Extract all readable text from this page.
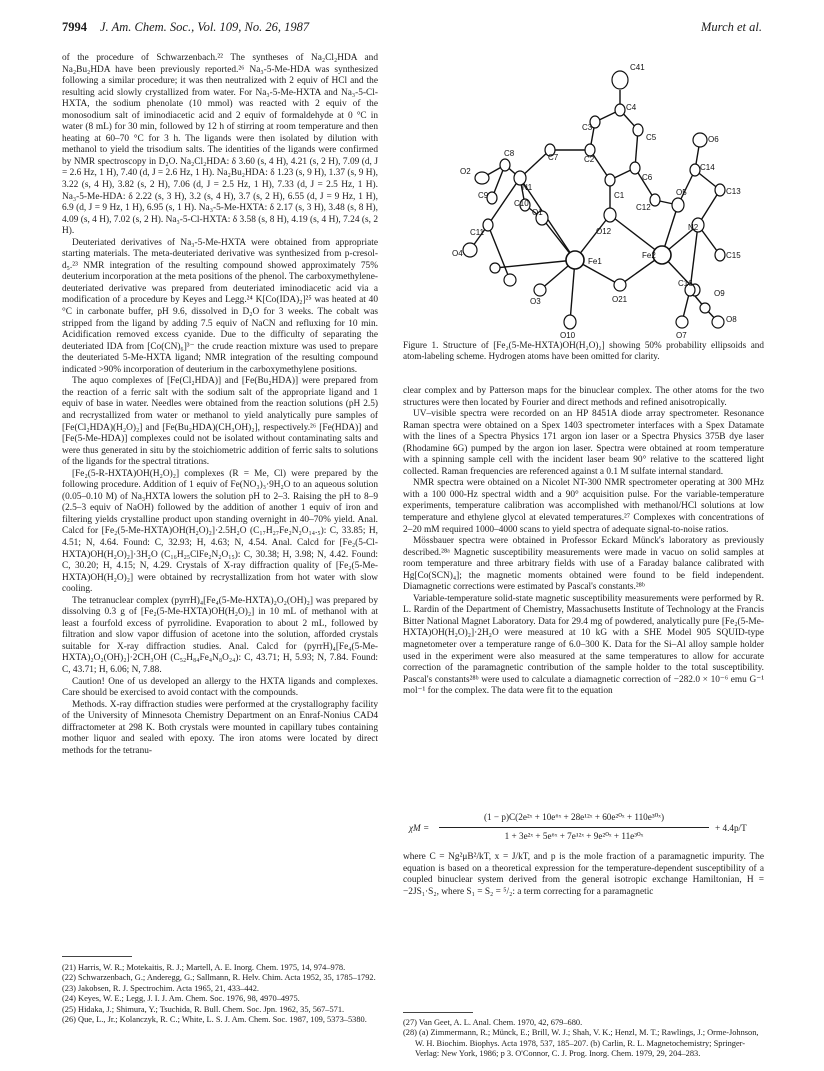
7994 J. Am. Chem. Soc., Vol. 109, No. 26, 1987	Murch et al.

of the procedure of Schwarzenbach.²² The syntheses of Na₂Cl₂HDA and Na₂Bu₂HDA have been previously reported.²⁶ Na₃-5-Me-HDA was synthesized following a similar procedure; it was then neutralized with 2 equiv of HCl and the resulting acid slowly crystallized from water. For Na₃-5-Me-HXTA and Na₃-5-Cl-HXTA, the sodium phenolate (10 mmol) was reacted with 2 equiv of the monosodium salt of iminodiacetic acid and 2 equiv of formaldehyde at 0 °C in water (8 mL) for 30 min, followed by 12 h of stirring at room temperature and then heating at 60–70 °C for 3 h. The ligands were then isolated by dilution with methanol to yield the trisodium salts. The identities of the ligands were confirmed by NMR spectroscopy in D₂O. Na₂Cl₂HDA: δ 3.60 (s, 4 H), 4.21 (s, 2 H), 7.09 (d, J = 2.6 Hz, 1 H), 7.40 (d, J = 2.6 Hz, 1 H). Na₂Bu₂HDA: δ 1.23 (s, 9 H), 1.37 (s, 9 H), 3.22 (s, 4 H), 3.82 (s, 2 H), 7.06 (d, J = 2.5 Hz, 1 H), 7.33 (d, J = 2.5 Hz, 1 H). Na₃-5-Me-HDA: δ 2.22 (s, 3 H), 3.2 (s, 4 H), 3.7 (s, 2 H), 6.55 (d, J = 9 Hz, 1 H), 6.9 (d, J = 9 Hz, 1 H), 6.95 (s, 1 H). Na₃-5-Me-HXTA: δ 2.17 (s, 3 H), 3.48 (s, 8 H), 4.09 (s, 4 H), 7.02 (s, 2 H). Na₃-5-Cl-HXTA: δ 3.58 (s, 8 H), 4.19 (s, 4 H), 7.24 (s, 2 H).

Deuteriated derivatives of Na₃-5-Me-HXTA were obtained from appropriate starting materials. The meta-deuteriated derivative was synthesized from p-cresol-d₅.²³ NMR integration of the resulting compound showed approximately 75% deuterium incorporation at the meta positions of the phenol. The carboxymethylene-deuteriated derivative was prepared from deuteriated iminodiacetic acid via a modification of a procedure by Keyes and Legg.²⁴ K[Co(IDA)₂]²⁵ was heated at 40 °C in carbonate buffer, pH 9.6, dissolved in D₂O for 3 weeks. The cobalt was stripped from the ligand by adding 7.5 equiv of NaCN and refluxing for 10 min. Acidification removed excess cyanide. Due to the difficulty of separating the deuteriated IDA from [Co(CN)₆]³⁻ the crude reaction mixture was used to prepare the deuteriated 5-Me-HXTA ligand; NMR integration of the resulting compound indicated >90% incorporation of deuterium in the carboxymethylene positions.

The aquo complexes of [Fe(Cl₂HDA)] and [Fe(Bu₂HDA)] were prepared from the reaction of a ferric salt with the sodium salt of the appropriate ligand and 1 equiv of base in water. Needles were obtained from the reaction solutions (pH 2.5) and recrystallized from water or methanol to yield analytically pure samples of [Fe(Cl₂HDA)(H₂O)₂] and [Fe(Bu₂HDA)(CH₃OH)₂], respectively.²⁶ [Fe(HDA)] and [Fe(5-Me-HDA)] complexes could not be isolated without contaminating salts and were thus generated in situ by the stoichiometric addition of ferric salts to solutions of the ligands for the spectral titrations.

[Fe₂(5-R-HXTA)OH(H₂O)₂] complexes (R = Me, Cl) were prepared by the following procedure. Addition of 1 equiv of Fe(NO₃)₃·9H₂O to an aqueous solution (0.05–0.10 M) of Na₃HXTA lowers the solution pH to 2–3. Raising the pH to 8–9 (2.5–3 equiv of NaOH) followed by the addition of another 1 equiv of iron and filtering yields crystalline product upon standing overnight in 40–70% yield. Anal. Calcd for [Fe₂(5-Me-HXTA)OH(H₂O)₂]·2.5H₂O (C₁₇H₂₇Fe₂N₂O₁₄.₅): C, 33.85; H, 4.51; N, 4.64. Found: C, 32.93; H, 4.63; N, 4.54. Anal. Calcd for [Fe₂(5-Cl-HXTA)OH(H₂O)₂]·3H₂O (C₁₆H₂₅ClFe₂N₂O₁₅): C, 30.38; H, 3.98; N, 4.42. Found: C, 30.20; H, 4.15; N, 4.29. Crystals of X-ray diffraction quality of [Fe₂(5-Me-HXTA)OH(H₂O)₂] were obtained by recrystallization from hot water with slow cooling.

The tetranuclear complex (pyrrH)₄[Fe₄(5-Me-HXTA)₂O₂(OH)₂] was prepared by dissolving 0.3 g of [Fe₂(5-Me-HXTA)OH(H₂O)₂] in 10 mL of methanol with at least a fourfold excess of pyrrolidine. Evaporation to about 2 mL, followed by filtration and slow vapor diffusion of acetone into the solution, afforded crystals suitable for X-ray diffraction studies. Anal. Calcd for (pyrrH)₄[Fe₄(5-Me-HXTA)₂O₂(OH)₂]·2CH₃OH (C₅₂H₈₄Fe₄N₈O₂₄): C, 43.71; H, 5.93; N, 7.84. Found: C, 43.71; H, 6.06; N, 7.88.

Caution! One of us developed an allergy to the HXTA ligands and complexes. Care should be exercised to avoid contact with the compounds.

Methods. X-ray diffraction studies were performed at the crystallography facility of the University of Minnesota Chemistry Department on an Enraf-Nonius CAD4 diffractometer at 298 K. Both crystals were mounted in capillary tubes containing mother liquor and sealed with epoxy. The iron atoms were located by direct methods for the tetranu-

C41
C4
C3
C5	O6
C7	C2
C6
C14
C8
N1	C13
O5
O2
C1
C12
N2
C9
C10
O1
O12
C11
C15
Fe1
Fe2
O4
C16
O3	O21
O9
O7
O8
O10
Figure 1. Structure of [Fe₂(5-Me-HXTA)OH(H₂O)₂] showing 50% probability ellipsoids and atom-labeling scheme. Hydrogen atoms have been omitted for clarity.

clear complex and by Patterson maps for the binuclear complex. The other atoms for the two structures were then located by Fourier and direct methods and refined anisotropically.

UV–visible spectra were recorded on an HP 8451A diode array spectrometer. Resonance Raman spectra were obtained on a Spex 1403 spectrometer interfaces with a Spex Datamate with the lines of a Spectra Physics 171 argon ion laser or a Spectra Physics 375B dye laser (Rhodamine 6G) pumped by the argon ion laser. Spectra were obtained at room temperature with a spinning sample cell with the incident laser beam 90° relative to the scattered light collected. Raman frequencies are referenced against a 0.1 M sulfate internal standard.

NMR spectra were obtained on a Nicolet NT-300 NMR spectrometer operating at 300 MHz with a 100 000-Hz spectral width and a 90° acquisition pulse. For the variable-temperature experiments, temperature calibration was accomplished with methanol/HCl solutions at low temperature and ethylene glycol at elevated temperatures.²⁷ Complexes with concentrations of 2–20 mM required 1000–4000 scans to yield spectra of adequate signal-to-noise ratios.

Mössbauer spectra were obtained in Professor Eckard Münck's laboratory as previously described.²⁸ᵃ Magnetic susceptibility measurements were made in vacuo on solid samples at room temperature and three arbitrary fields with use of a Faraday balance calibrated with Hg[Co(SCN)₄]; the magnetic moments obtained were found to be field independent. Diamagnetic corrections were estimated by Pascal's constants.²⁸ᵇ

Variable-temperature solid-state magnetic susceptibility measurements were performed by R. L. Rardin of the Department of Chemistry, Massachusetts Institute of Technology at the Francis Bitter National Magnet Laboratory. Data for 29.4 mg of powdered, analytically pure [Fe₂(5-Me-HXTA)OH(H₂O)₂]·2H₂O were measured at 10 kG with a SHE Model 905 SQUID-type magnetometer over a temperature range of 6.0–300 K. Data for the Si–Al alloy sample holder used in the experiment were also measured at the same temperatures to allow for accurate correction of the paramagnetic contribution of the sample holder to the total susceptibility. Pascal's constants²⁸ᵇ were used to calculate a diamagnetic correction of −282.0 × 10⁻⁶ emu G⁻¹ mol⁻¹ for the complex. The data were fit to the equation

χM =
(1 − p)C(2e²ˣ + 10e⁶ˣ + 28e¹²ˣ + 60e²⁰ˣ + 110e³⁰ˣ)
1 + 3e²ˣ + 5e⁶ˣ + 7e¹²ˣ + 9e²⁰ˣ + 11e³⁰ˣ
+ 4.4p/T
where C = Ng²μB²/kT, x = J/kT, and p is the mole fraction of a paramagnetic impurity. The equation is based on a theoretical expression for the temperature-dependent susceptibility of a coupled binuclear system derived from the general isotropic exchange Hamiltonian, H = −2JS₁·S₂, where S₁ = S₂ = ⁵/₂: a term correcting for a paramagnetic
(21) Harris, W. R.; Motekaitis, R. J.; Martell, A. E. Inorg. Chem. 1975, 14, 974–978.
(22) Schwarzenbach, G.; Anderegg, G.; Sallmann, R. Helv. Chim. Acta 1952, 35, 1785–1792.
(23) Jakobsen, R. J. Spectrochim. Acta 1965, 21, 433–442.
(24) Keyes, W. E.; Legg, J. I. J. Am. Chem. Soc. 1976, 98, 4970–4975.
(25) Hidaka, J.; Shimura, Y.; Tsuchida, R. Bull. Chem. Soc. Jpn. 1962, 35, 567–571.
(26) Que, L., Jr.; Kolanczyk, R. C.; White, L. S. J. Am. Chem. Soc. 1987, 109, 5373–5380.	(27) Van Geet, A. L. Anal. Chem. 1970, 42, 679–680.
(28) (a) Zimmermann, R.; Münck, E.; Brill, W. J.; Shah, V. K.; Henzl, M. T.; Rawlings, J.; Orme-Johnson, W. H. Biochim. Biophys. Acta 1978, 537, 185–207. (b) Carlin, R. L. Magnetochemistry; Springer-Verlag: New York, 1986; p 3. O'Connor, C. J. Prog. Inorg. Chem. 1979, 29, 204–283.
